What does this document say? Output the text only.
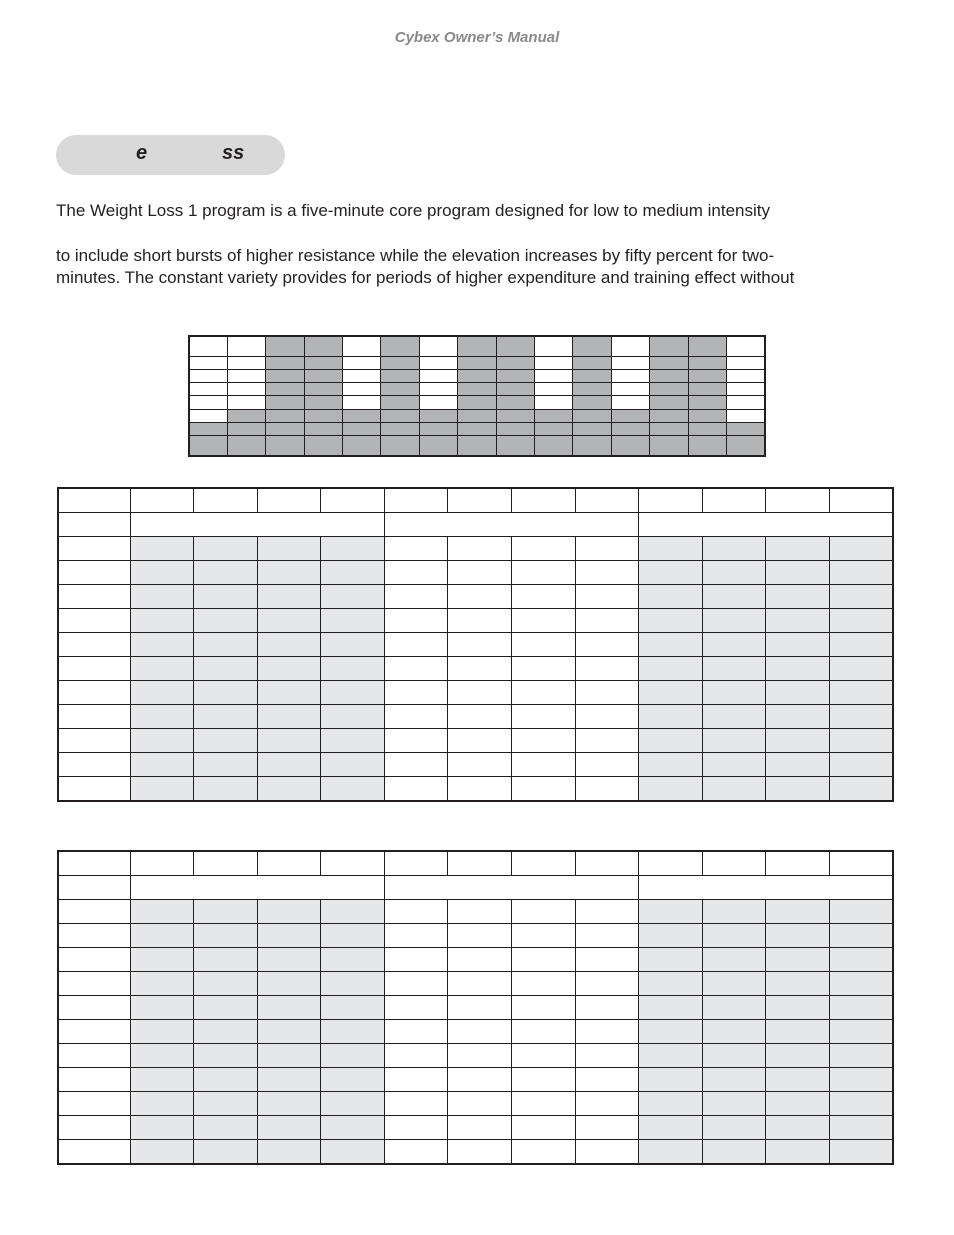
Cybex Owner’s Manual
e	ss

The Weight Loss 1 program is a five-minute core program designed for low to medium intensity

to include short bursts of higher resistance while the elevation increases by fifty percent for two-

minutes. The constant variety provides for periods of higher expenditure and training effect without
